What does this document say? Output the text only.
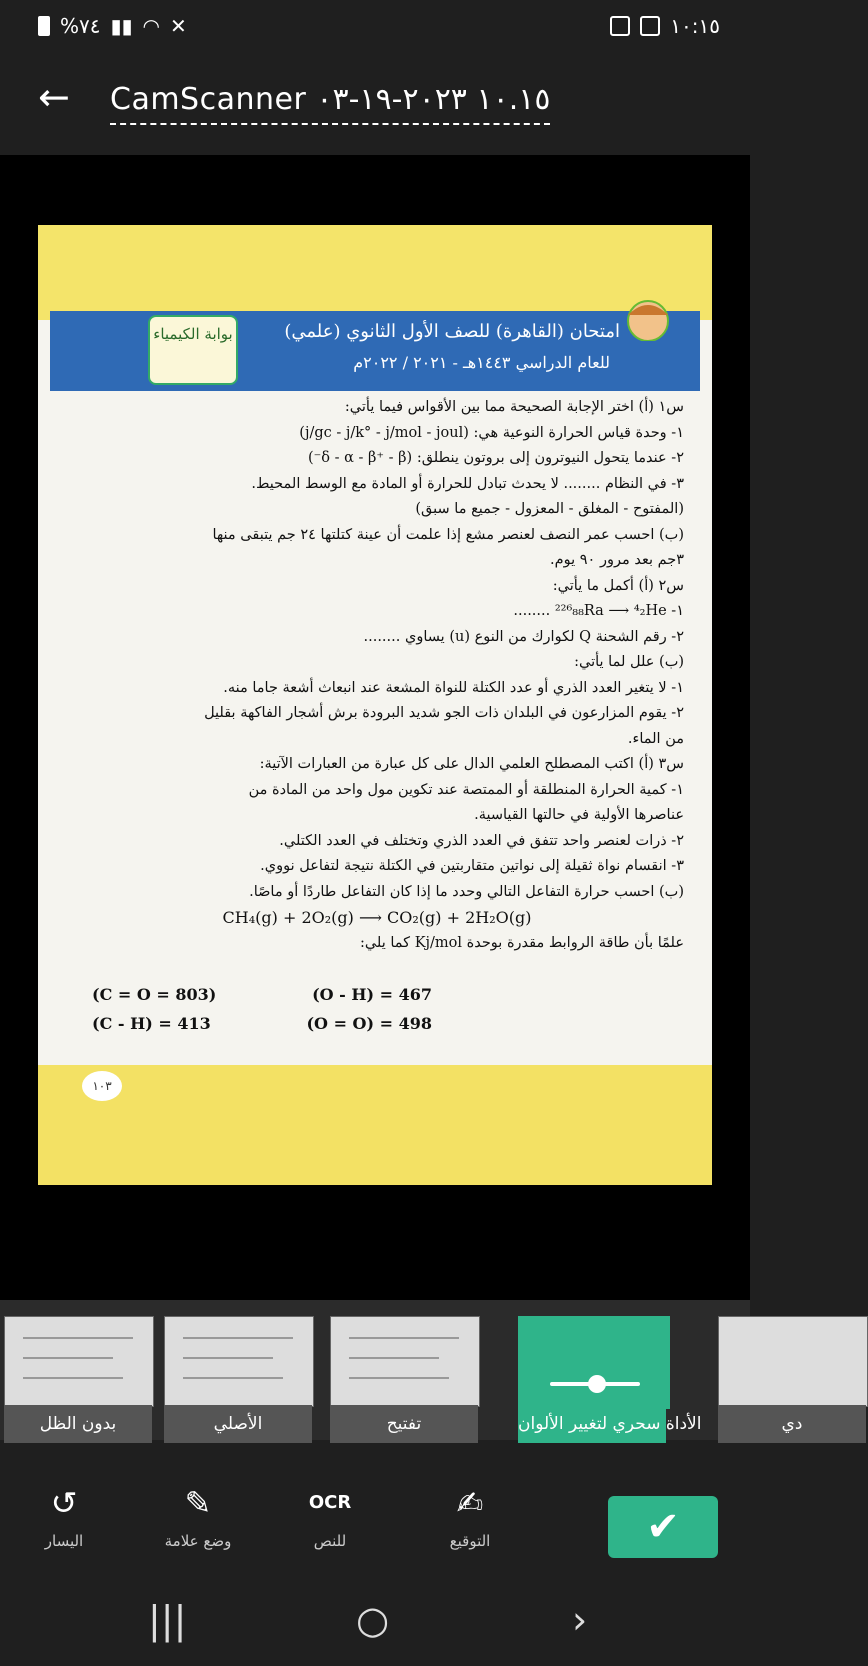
%٧٤ ▮▮ ◠ ✕	١٠:١٥
← CamScanner ١٠.١٥ ٢٠٢٣-١٩-٠٣
امتحان (القاهرة) للصف الأول الثانوي (علمي)
للعام الدراسي ١٤٤٣هـ - ٢٠٢١ / ٢٠٢٢م
بوابة الكيمياء
س١ (أ) اختر الإجابة الصحيحة مما بين الأقواس فيما يأتي:
١- وحدة قياس الحرارة النوعية هي: (j/gc - j/k° - j/mol - joul)
٢- عندما يتحول النيوترون إلى بروتون ينطلق: (δ - α - β⁺ - β⁻)
٣- في النظام ........ لا يحدث تبادل للحرارة أو المادة مع الوسط المحيط.
(المفتوح - المغلق - المعزول - جميع ما سبق)
(ب) احسب عمر النصف لعنصر مشع إذا علمت أن عينة كتلتها ٢٤ جم يتبقى منها
٣جم بعد مرور ٩٠ يوم.
س٢ (أ) أكمل ما يأتي:
١- ²²⁶₈₈Ra ⟶ ⁴₂He ........
٢- رقم الشحنة Q لكوارك من النوع (u) يساوي ........
(ب) علل لما يأتي:
١- لا يتغير العدد الذري أو عدد الكتلة للنواة المشعة عند انبعاث أشعة جاما منه.
٢- يقوم المزارعون في البلدان ذات الجو شديد البرودة برش أشجار الفاكهة بقليل
من الماء.
س٣ (أ) اكتب المصطلح العلمي الدال على كل عبارة من العبارات الآتية:
١- كمية الحرارة المنطلقة أو الممتصة عند تكوين مول واحد من المادة من
عناصرها الأولية في حالتها القياسية.
٢- ذرات لعنصر واحد تتفق في العدد الذري وتختلف في العدد الكتلي.
٣- انقسام نواة ثقيلة إلى نواتين متقاربتين في الكتلة نتيجة لتفاعل نووي.
(ب) احسب حرارة التفاعل التالي وحدد ما إذا كان التفاعل طاردًا أو ماصًا.
CH₄(g) + 2O₂(g) ⟶ CO₂(g) + 2H₂O(g)
علمًا بأن طاقة الروابط مقدرة بوحدة Kj/mol كما يلي:
(C = O = 803)	(O - H) = 467
(C - H) = 413	(O = O) = 498
١٠٣
بدون الظل	الأصلي	تفتيح	الأداة سحري لتغيير الألوان	دي
↺
اليسار
✎
وضع علامة
OCR
للنص
✍
التوقيع	✔
|||	○	›
